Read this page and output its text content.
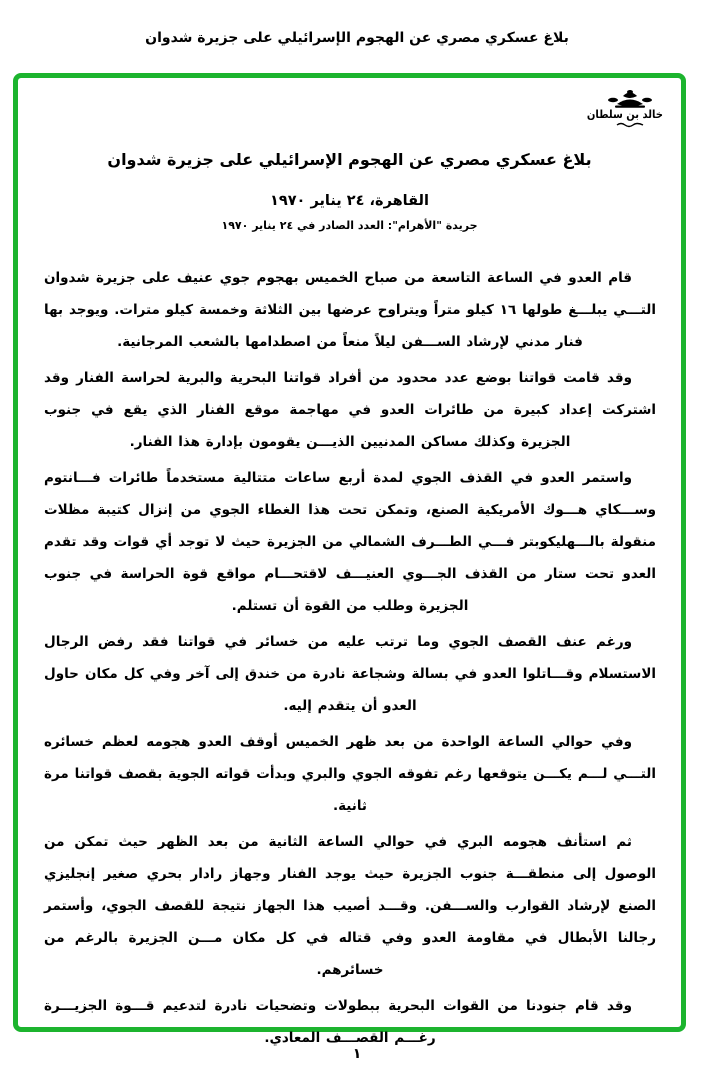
بلاغ عسكري مصري عن الهجوم الإسرائيلي على جزيرة شدوان
خالد بن سلطان
بلاغ عسكري مصري عن الهجوم الإسرائيلي على جزيرة شدوان
القاهرة، ٢٤ يناير ١٩٧٠
جريدة "الأهرام": العدد الصادر في ٢٤ يناير ١٩٧٠

قام العدو في الساعة التاسعة من صباح الخميس بهجوم جوي عنيف على جزيرة شدوان التـــي يبلـــغ طولها ١٦ كيلو متراً ويتراوح عرضها بين الثلاثة وخمسة كيلو مترات. ويوجد بها فنار مدني لإرشاد الســـفن ليلاً منعاً من اصطدامها بالشعب المرجانية.

وقد قامت قواتنا بوضع عدد محدود من أفراد قواتنا البحرية والبرية لحراسة الفنار وقد اشتركت إعداد كبيرة من طائرات العدو في مهاجمة موقع الفنار الذي يقع في جنوب الجزيرة وكذلك مساكن المدنيين الذيـــن يقومون بإدارة هذا الفنار.

واستمر العدو في القذف الجوي لمدة أربع ساعات متتالية مستخدماً طائرات فـــانتوم وســـكاي هـــوك الأمريكية الصنع، وتمكن تحت هذا الغطاء الجوي من إنزال كتيبة مظلات منقولة بالـــهليكوبتر فـــي الطـــرف الشمالي من الجزيرة حيث لا توجد أي قوات وقد تقدم العدو تحت ستار من القذف الجـــوي العنيـــف لاقتحـــام مواقع قوة الحراسة في جنوب الجزيرة وطلب من القوة أن تستلم.

ورغم عنف القصف الجوي وما ترتب عليه من خسائر في قواتنا فقد رفض الرجال الاستسلام وقـــاتلوا العدو في بسالة وشجاعة نادرة من خندق إلى آخر وفي كل مكان حاول العدو أن يتقدم إليه.

وفي حوالي الساعة الواحدة من بعد ظهر الخميس أوقف العدو هجومه لعظم خسائره التـــي لـــم يكـــن يتوقعها رغم تفوقه الجوي والبري وبدأت قواته الجوية بقصف قواتنا مرة ثانية.

ثم استأنف هجومه البري في حوالي الساعة الثانية من بعد الظهر حيث تمكن من الوصول إلى منطقـــة جنوب الجزيرة حيث يوجد الفنار وجهاز رادار بحري صغير إنجليزي الصنع لإرشاد القوارب والســـفن. وقـــد أصيب هذا الجهاز نتيجة للقصف الجوي، وأستمر رجالنا الأبطال في مقاومة العدو وفي قتاله في كل مكان مـــن الجزيرة بالرغم من خسائرهم.

وقد قام جنودنا من القوات البحرية ببطولات وتضحيات نادرة لتدعيم قـــوة الجزيـــرة رغـــم القصـــف المعادي.

١
